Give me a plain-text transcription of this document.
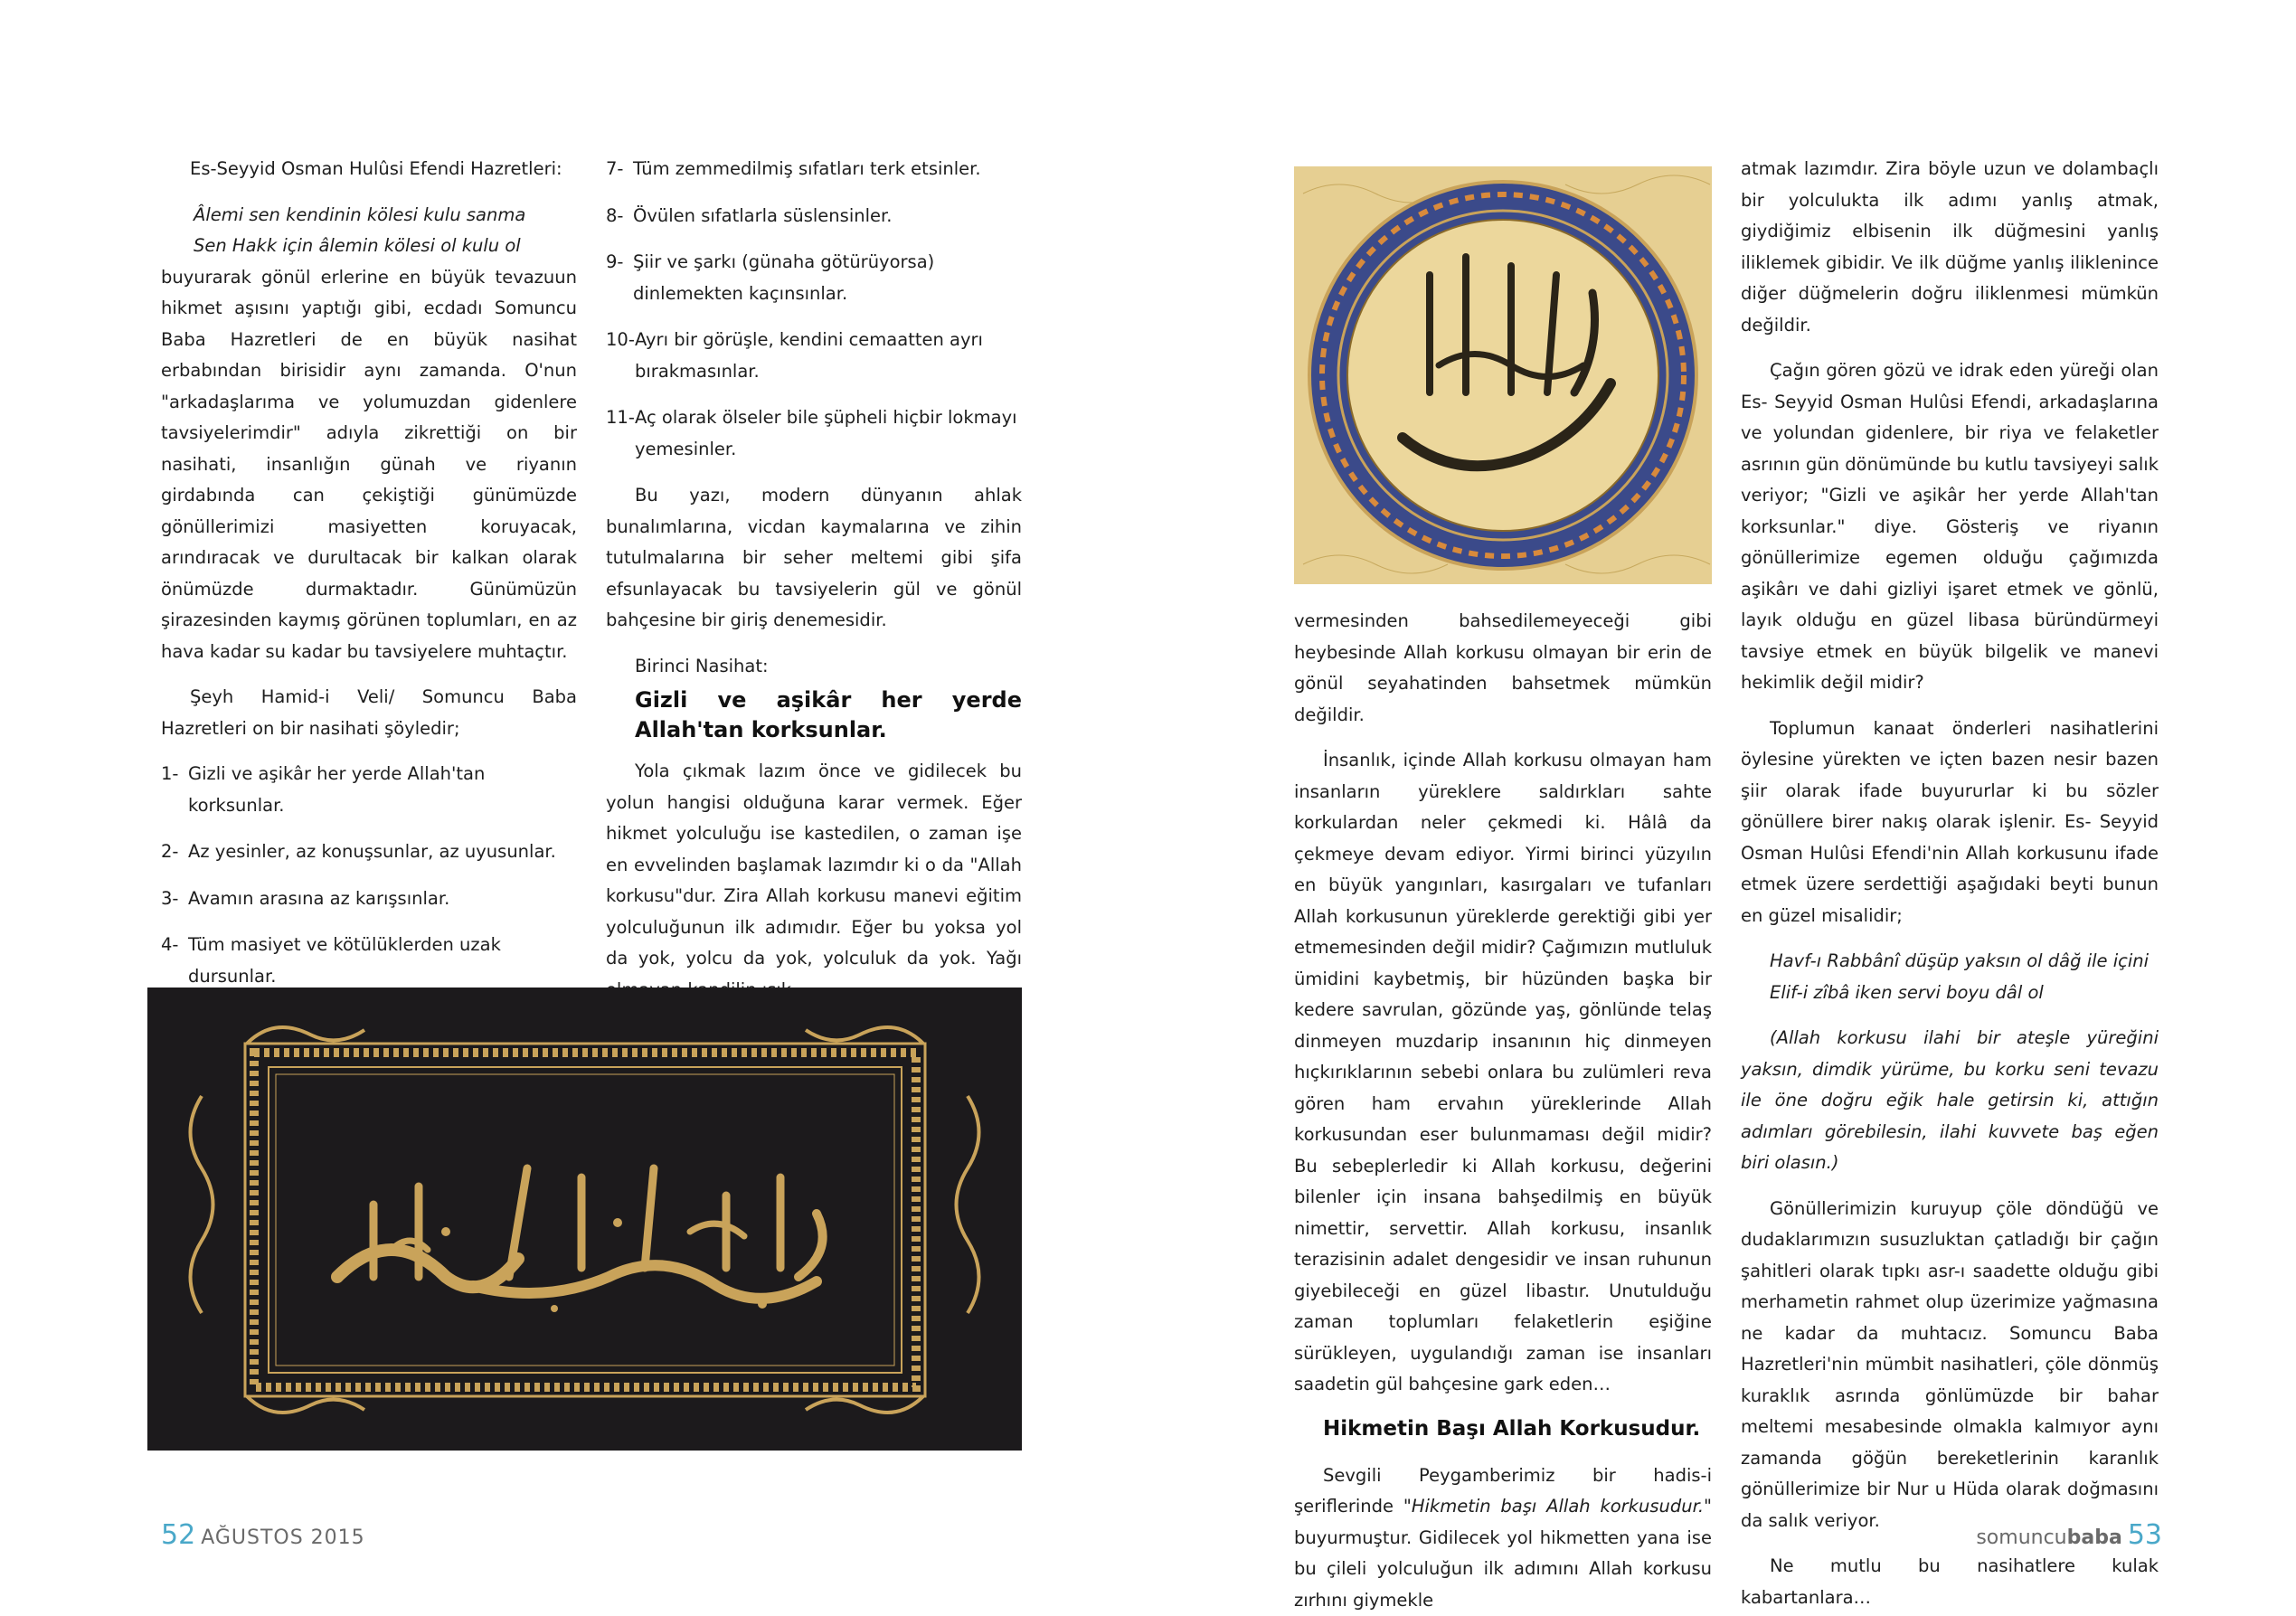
Es-Seyyid Osman Hulûsi Efendi Hazretleri:

Âlemi sen kendinin kölesi kulu sanma

Sen Hakk için âlemin kölesi ol kulu ol

buyurarak gönül erlerine en büyük tevazuun hikmet aşısını yaptığı gibi, ecdadı Somuncu Baba Hazretleri de en büyük nasihat erbabından birisidir aynı zamanda. O'nun "arkadaşlarıma ve yolumuzdan gidenlere tavsiyelerimdir" adıyla zikrettiği on bir nasihati, insanlığın günah ve riyanın girdabında can çekiştiği günümüzde gönüllerimizi masiyetten koruyacak, arındıracak ve durultacak bir kalkan olarak önümüzde durmaktadır. Günümüzün şirazesinden kaymış görünen toplumları, en az hava kadar su kadar bu tavsiyelere muhtaçtır.

Şeyh Hamid-i Veli/ Somuncu Baba Hazretleri on bir nasihati şöyledir;

1- Gizli ve aşikâr her yerde Allah'tan korksunlar.
2- Az yesinler, az konuşsunlar, az uyusunlar.
3- Avamın arasına az karışsınlar.
4- Tüm masiyet ve kötülüklerden uzak dursunlar.
7- Tüm zemmedilmiş sıfatları terk etsinler.
8- Övülen sıfatlarla süslensinler.
9- Şiir ve şarkı (günaha götürüyorsa) dinlemekten kaçınsınlar.
10- Ayrı bir görüşle, kendini cemaatten ayrı bırakmasınlar.
11- Aç olarak ölseler bile şüpheli hiçbir lokmayı yemesinler.

Bu yazı, modern dünyanın ahlak bunalımlarına, vicdan kaymalarına ve zihin tutulmalarına bir seher meltemi gibi şifa efsunlayacak bu tavsiyelerin gül ve gönül bahçesine bir giriş denemesidir.

Birinci Nasihat:

Gizli ve aşikâr her yerde Allah'tan korksunlar.

Yola çıkmak lazım önce ve gidilecek bu yolun hangisi olduğuna karar vermek. Eğer hikmet yolculuğu ise kastedilen, o zaman işe en evvelinden başlamak lazımdır ki o da "Allah korkusu"dur. Zira Allah korkusu manevi eğitim yolculuğunun ilk adımıdır. Eğer bu yoksa yol da yok, yolcu da yok, yolculuk da yok. Yağı

52 AĞUSTOS 2015

vermesinden bahsedilemeyeceği gibi heybesinde Allah korkusu olmayan bir erin de gönül seyahatinden bahsetmek mümkün değildir.

İnsanlık, içinde Allah korkusu olmayan ham insanların yüreklere saldırkları sahte korkulardan neler çekmedi ki. Hâlâ da çekmeye devam ediyor. Yirmi birinci yüzyılın en büyük yangınları, kasırgaları ve tufanları Allah korkusunun yüreklerde gerektiği gibi yer etmemesinden değil midir? Çağımızın mutluluk ümidini kaybetmiş, bir hüzünden başka bir kedere savrulan, gözünde yaş, gönlünde telaş dinmeyen muzdarip insanının hiç dinmeyen hıçkırıklarının sebebi onlara bu zulümleri reva gören ham ervahın yüreklerinde Allah korkusundan eser bulunmaması değil midir? Bu sebeplerledir ki Allah korkusu, değerini bilenler için insana bahşedilmiş en büyük nimettir, servettir. Allah korkusu, insanlık terazisinin adalet dengesidir ve insan ruhunun giyebileceği en güzel libastır. Unutulduğu zaman toplumları felaketlerin eşiğine sürükleyen, uygulandığı zaman ise insanları saadetin gül bahçesine gark eden…

Hikmetin Başı Allah Korkusudur.

Sevgili Peygamberimiz bir hadis-i şeriflerinde "Hikmetin başı Allah korkusudur." buyurmuştur. Gidilecek yol hikmetten yana ise bu çileli yolculuğun ilk adımını Allah korkusu zırhını giymekle

atmak lazımdır. Zira böyle uzun ve dolambaçlı bir yolculukta ilk adımı yanlış atmak, giydiğimiz elbisenin ilk düğmesini yanlış iliklemek gibidir. Ve ilk düğme yanlış iliklenince diğer düğmelerin doğru iliklenmesi mümkün değildir.

Çağın gören gözü ve idrak eden yüreği olan Es- Seyyid Osman Hulûsi Efendi, arkadaşlarına ve yolundan gidenlere, bir riya ve felaketler asrının gün dönümünde bu kutlu tavsiyeyi salık veriyor; "Gizli ve aşikâr her yerde Allah'tan korksunlar." diye. Gösteriş ve riyanın gönüllerimize egemen olduğu çağımızda aşikârı ve dahi gizliyi işaret etmek ve gönlü, layık olduğu en güzel libasa büründürmeyi tavsiye etmek en büyük bilgelik ve manevi hekimlik değil midir?

Toplumun kanaat önderleri nasihatlerini öylesine yürekten ve içten bazen nesir bazen şiir olarak ifade buyururlar ki bu sözler gönüllere birer nakış olarak işlenir. Es- Seyyid Osman Hulûsi Efendi'nin Allah korkusunu ifade etmek üzere serdettiği aşağıdaki beyti bunun en güzel misalidir;

Havf-ı Rabbânî düşüp yaksın ol dâğ ile içini

Elif-i zîbâ iken servi boyu dâl ol

(Allah korkusu ilahi bir ateşle yüreğini yaksın, dimdik yürüme, bu korku seni tevazu ile öne doğru eğik hale getirsin ki, attığın adımları görebilesin, ilahi kuvvete baş eğen biri olasın.)

Gönüllerimizin kuruyup çöle döndüğü ve dudaklarımızın susuzluktan çatladığı bir çağın şahitleri olarak tıpkı asr-ı saadette olduğu gibi merhametin rahmet olup üzerimize yağmasına ne kadar da muhtacız. Somuncu Baba Hazretleri'nin mümbit nasihatleri, çöle dönmüş kuraklık asrında gönlümüzde bir bahar meltemi mesabesinde olmakla kalmıyor aynı zamanda göğün bereketlerinin karanlık gönüllerimize bir Nur u Hüda olarak doğmasını da salık veriyor.

Ne mutlu bu nasihatlere kulak kabartanlara…

somuncubaba 53
